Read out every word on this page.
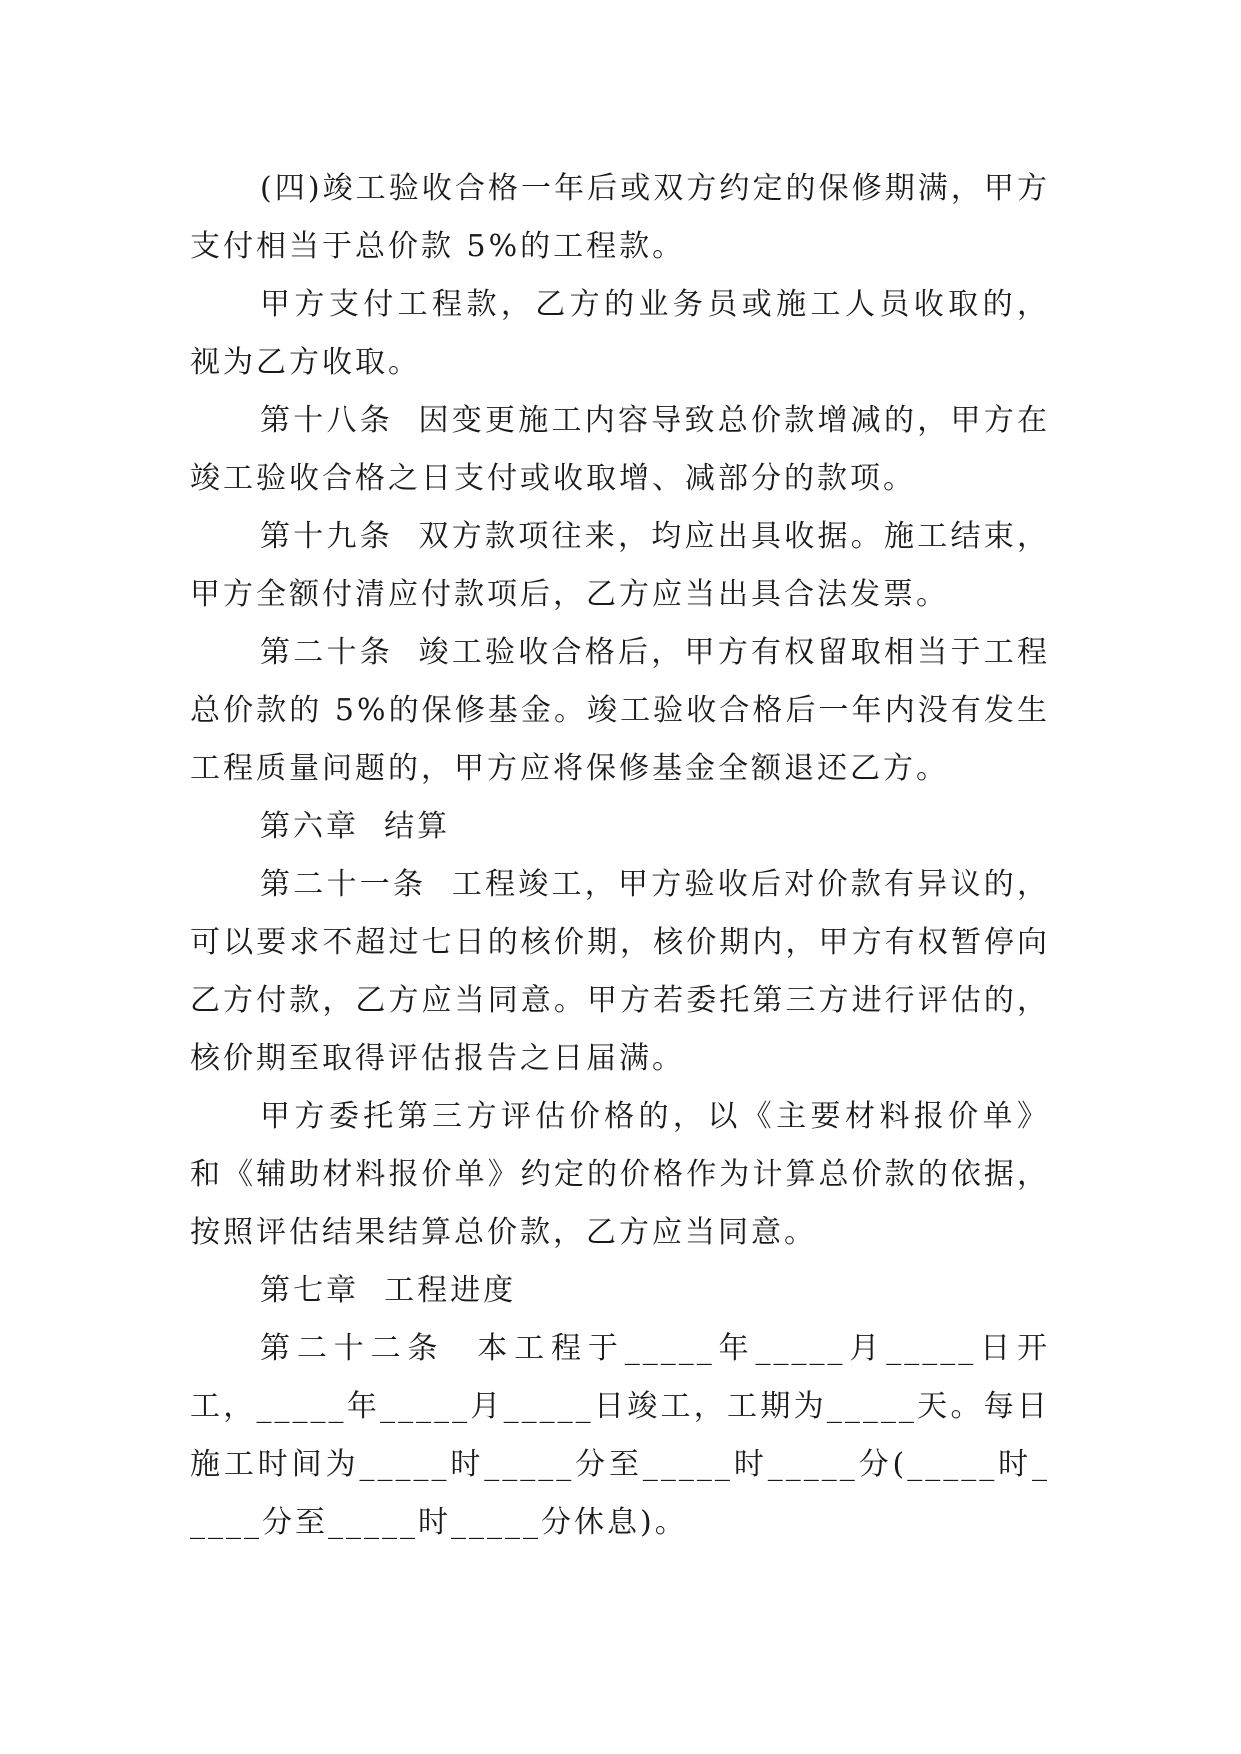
(四)竣工验收合格一年后或双方约定的保修期满，甲方支付相当于总价款 5%的工程款。

甲方支付工程款，乙方的业务员或施工人员收取的，视为乙方收取。

第十八条  因变更施工内容导致总价款增减的，甲方在竣工验收合格之日支付或收取增、减部分的款项。

第十九条  双方款项往来，均应出具收据。施工结束，甲方全额付清应付款项后，乙方应当出具合法发票。

第二十条  竣工验收合格后，甲方有权留取相当于工程总价款的 5%的保修基金。竣工验收合格后一年内没有发生工程质量问题的，甲方应将保修基金全额退还乙方。

第六章  结算

第二十一条  工程竣工，甲方验收后对价款有异议的，可以要求不超过七日的核价期，核价期内，甲方有权暂停向乙方付款，乙方应当同意。甲方若委托第三方进行评估的，核价期至取得评估报告之日届满。

甲方委托第三方评估价格的，以《主要材料报价单》和《辅助材料报价单》约定的价格作为计算总价款的依据，按照评估结果结算总价款，乙方应当同意。

第七章  工程进度

第二十二条  本工程于_____年_____月_____日开工，_____年_____月_____日竣工，工期为_____天。每日施工时间为_____时_____分至_____时_____分(_____时_____分至_____时_____分休息)。
